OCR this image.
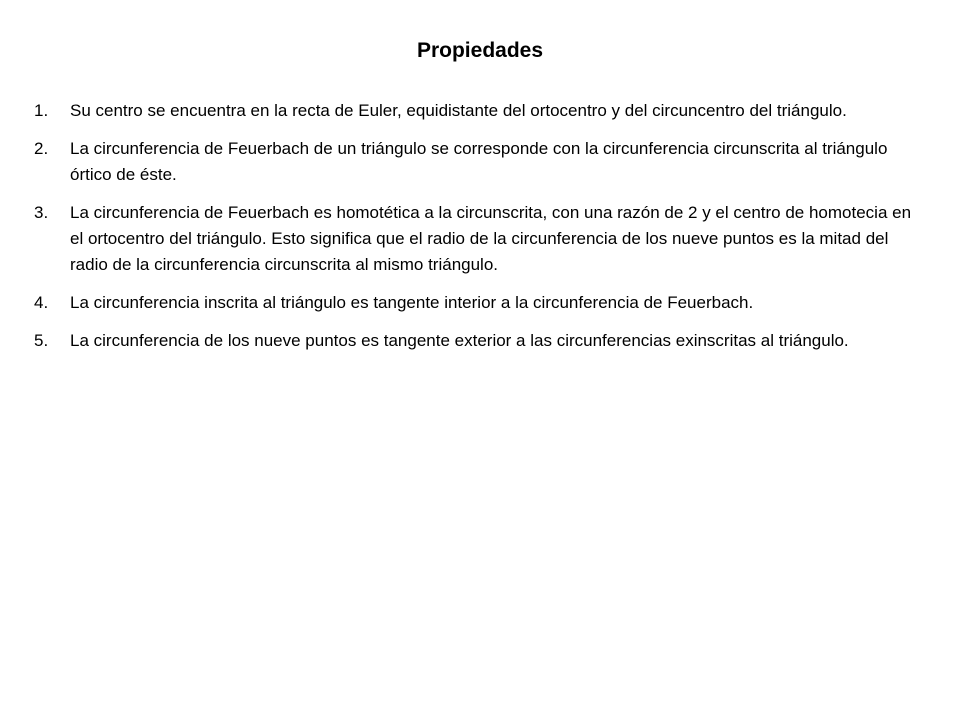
Propiedades
1.	Su centro se encuentra en la recta de Euler, equidistante del ortocentro y del circuncentro del triángulo.
2.	La circunferencia de Feuerbach de un triángulo se corresponde con la circunferencia circunscrita al triángulo órtico de éste.
3.	La circunferencia de Feuerbach es homotética a la circunscrita, con una razón de 2 y el centro de homotecia en el ortocentro del triángulo. Esto significa que el radio de la circunferencia de los nueve puntos es la mitad del radio de la circunferencia circunscrita al mismo triángulo.
4.	La circunferencia inscrita al triángulo es tangente interior a la circunferencia de Feuerbach.
5.	La circunferencia de los nueve puntos es tangente exterior a las circunferencias exinscritas al triángulo.
